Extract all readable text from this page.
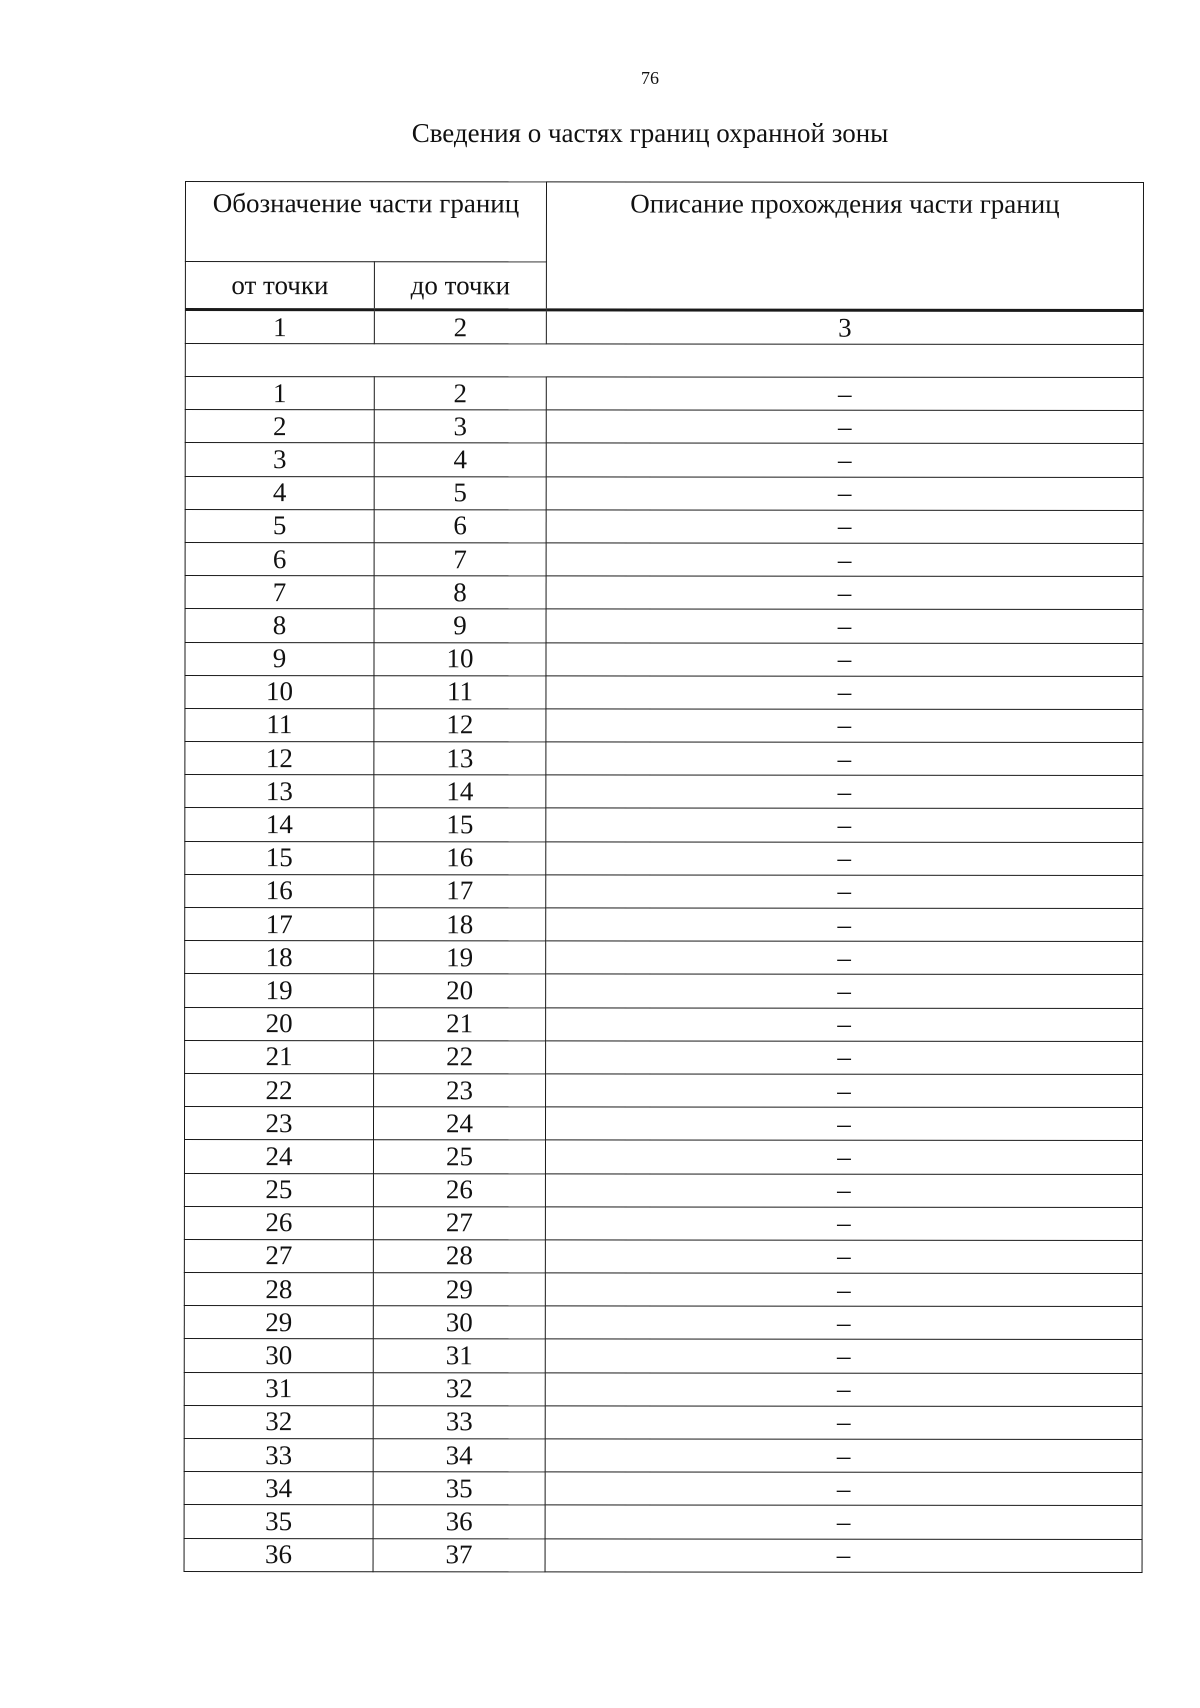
76
Сведения о частях границ охранной зоны
Обозначение части границ		Описание прохождения части границ
от точки	до точки	
1	2	3

1	2	–
2	3	–
3	4	–
4	5	–
5	6	–
6	7	–
7	8	–
8	9	–
9	10	–
10	11	–
11	12	–
12	13	–
13	14	–
14	15	–
15	16	–
16	17	–
17	18	–
18	19	–
19	20	–
20	21	–
21	22	–
22	23	–
23	24	–
24	25	–
25	26	–
26	27	–
27	28	–
28	29	–
29	30	–
30	31	–
31	32	–
32	33	–
33	34	–
34	35	–
35	36	–
36	37	–
